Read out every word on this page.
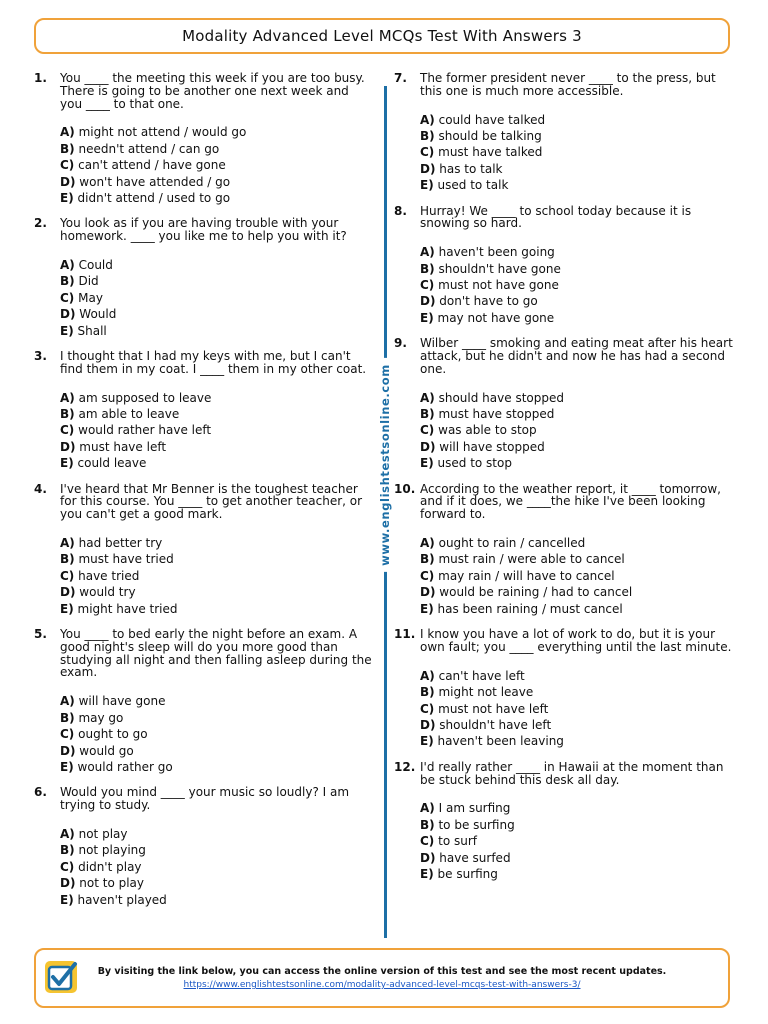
Modality Advanced Level MCQs Test With Answers 3
www.englishtestsonline.com
1.	You ____ the meeting this week if you are too busy. There is going to be another one next week and you ____ to that one.
A) might not attend / would go
B) needn't attend / can go
C) can't attend / have gone
D) won't have attended / go
E) didn't attend / used to go
2.	You look as if you are having trouble with your homework. ____ you like me to help you with it?
A) Could
B) Did
C) May
D) Would
E) Shall
3.	I thought that I had my keys with me, but I can't find them in my coat. I ____ them in my other coat.
A) am supposed to leave
B) am able to leave
C) would rather have left
D) must have left
E) could leave
4.	I've heard that Mr Benner is the toughest teacher for this course. You ____ to get another teacher, or you can't get a good mark.
A) had better try
B) must have tried
C) have tried
D) would try
E) might have tried
5.	You ____ to bed early the night before an exam. A good night's sleep will do you more good than studying all night and then falling asleep during the exam.
A) will have gone
B) may go
C) ought to go
D) would go
E) would rather go
6.	Would you mind ____ your music so loudly? I am trying to study.
A) not play
B) not playing
C) didn't play
D) not to play
E) haven't played
7.	The former president never ____ to the press, but this one is much more accessible.
A) could have talked
B) should be talking
C) must have talked
D) has to talk
E) used to talk
8.	Hurray! We ____ to school today because it is snowing so hard.
A) haven't been going
B) shouldn't have gone
C) must not have gone
D) don't have to go
E) may not have gone
9.	Wilber ____ smoking and eating meat after his heart attack, but he didn't and now he has had a second one.
A) should have stopped
B) must have stopped
C) was able to stop
D) will have stopped
E) used to stop
10. According to the weather report, it ____ tomorrow, and if it does, we ____the hike I've been looking forward to.
A) ought to rain / cancelled
B) must rain / were able to cancel
C) may rain / will have to cancel
D) would be raining / had to cancel
E) has been raining / must cancel
11. I know you have a lot of work to do, but it is your own fault; you ____ everything until the last minute.
A) can't have left
B) might not leave
C) must not have left
D) shouldn't have left
E) haven't been leaving
12. I'd really rather ____ in Hawaii at the moment than be stuck behind this desk all day.
A) I am surfing
B) to be surfing
C) to surf
D) have surfed
E) be surfing
By visiting the link below, you can access the online version of this test and see the most recent updates.
https://www.englishtestsonline.com/modality-advanced-level-mcqs-test-with-answers-3/
